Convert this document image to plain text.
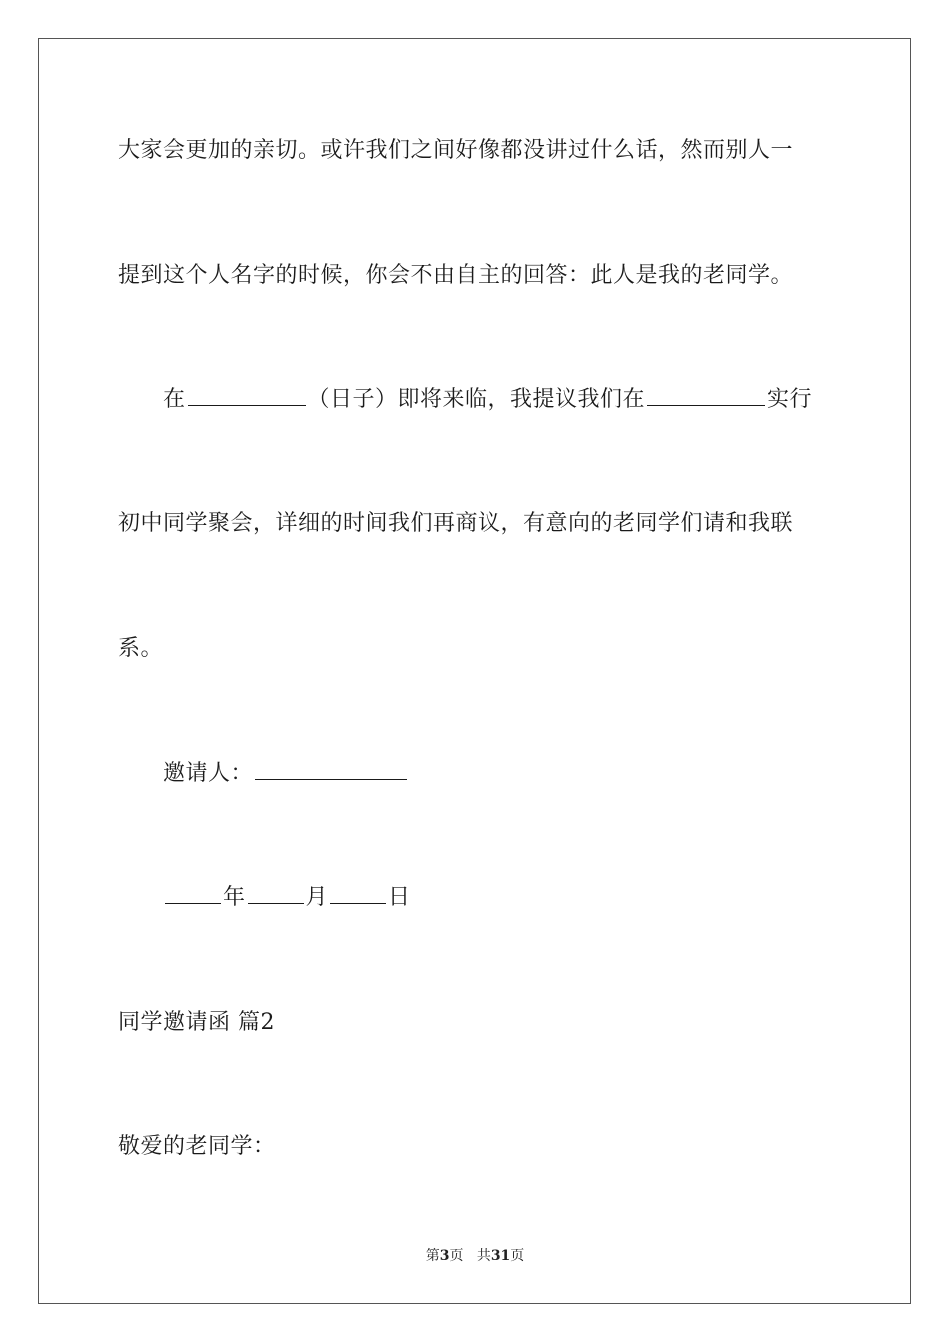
大家会更加的亲切。或许我们之间好像都没讲过什么话，然而别人一
提到这个人名字的时候，你会不由自主的回答：此人是我的老同学。
在	（日子）即将来临，我提议我们在	实行
初中同学聚会，详细的时间我们再商议，有意向的老同学们请和我联
系。
邀请人：
年	月	日
同学邀请函 篇2
敬爱的老同学：
第3页 共31页
